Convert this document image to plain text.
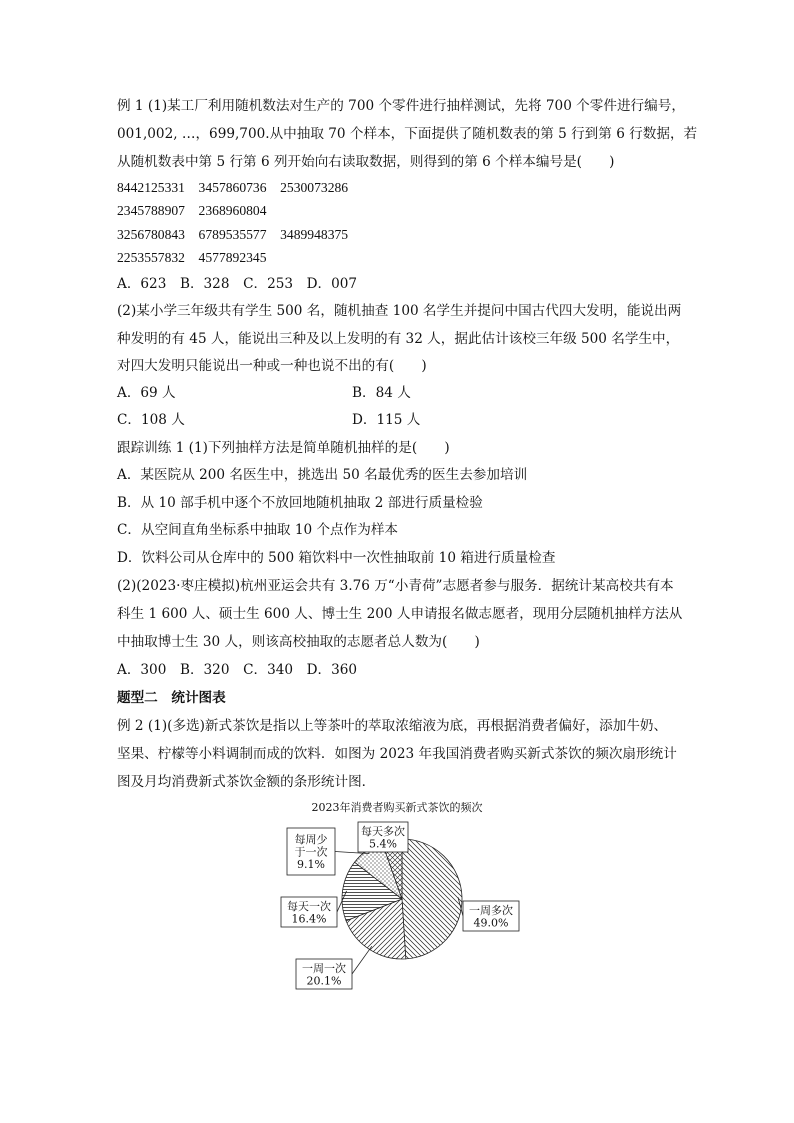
例 1 (1)某工厂利用随机数法对生产的 700 个零件进行抽样测试，先将 700 个零件进行编号，
001,002, …，699,700.从中抽取 70 个样本，下面提供了随机数表的第 5 行到第 6 行数据，若
从随机数表中第 5 行第 6 列开始向右读取数据，则得到的第 6 个样本编号是(　　)
8442125331　3457860736　2530073286
2345788907　2368960804
3256780843　6789535577　3489948375
2253557832　4577892345
A．623　B．328　C．253　D．007
(2)某小学三年级共有学生 500 名，随机抽查 100 名学生并提问中国古代四大发明，能说出两
种发明的有 45 人，能说出三种及以上发明的有 32 人，据此估计该校三年级 500 名学生中，
对四大发明只能说出一种或一种也说不出的有(　　)
A．69 人	B．84 人
C．108 人	D．115 人
跟踪训练 1 (1)下列抽样方法是简单随机抽样的是(　　)
A．某医院从 200 名医生中，挑选出 50 名最优秀的医生去参加培训
B．从 10 部手机中逐个不放回地随机抽取 2 部进行质量检验
C．从空间直角坐标系中抽取 10 个点作为样本
D．饮料公司从仓库中的 500 箱饮料中一次性抽取前 10 箱进行质量检查
(2)(2023·枣庄模拟)杭州亚运会共有 3.76 万“小青荷”志愿者参与服务．据统计某高校共有本
科生 1 600 人、硕士生 600 人、博士生 200 人申请报名做志愿者，现用分层随机抽样方法从
中抽取博士生 30 人，则该高校抽取的志愿者总人数为(　　)
A．300　B．320　C．340　D．360
题型二　统计图表
例 2 (1)(多选)新式茶饮是指以上等茶叶的萃取浓缩液为底，再根据消费者偏好，添加牛奶、
坚果、柠檬等小料调制而成的饮料．如图为 2023 年我国消费者购买新式茶饮的频次扇形统计
图及月均消费新式茶饮金额的条形统计图．
2023年消费者购买新式茶饮的频次
一周多次
49.0%
一周一次
20.1%
每天一次
16.4%
每周少
于一次
9.1%
每天多次
5.4%
